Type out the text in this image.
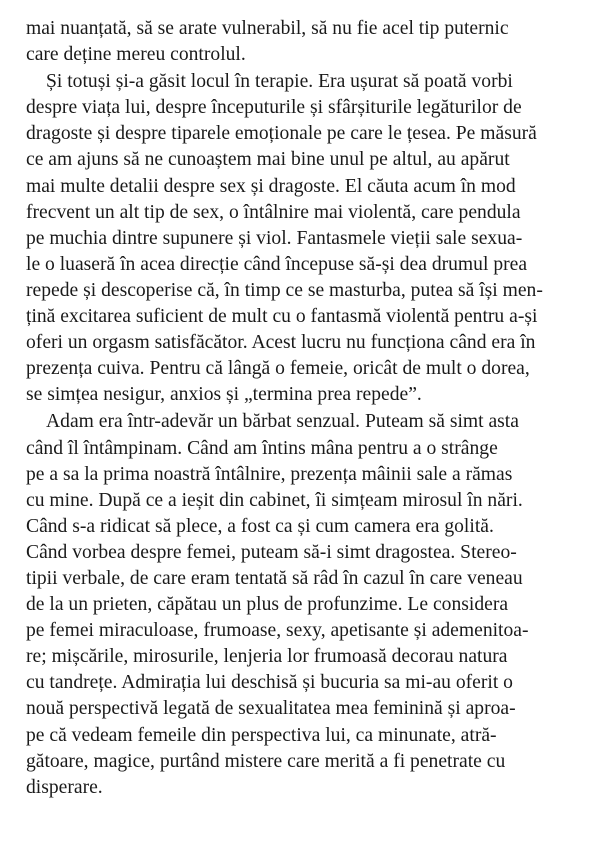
mai nuanțată, să se arate vulnerabil, să nu fie acel tip puternic
care deține mereu controlul.

Și totuși și-a găsit locul în terapie. Era ușurat să poată vorbi
despre viața lui, despre începuturile și sfârșiturile legăturilor de
dragoste și despre tiparele emoționale pe care le țesea. Pe măsură
ce am ajuns să ne cunoaștem mai bine unul pe altul, au apărut
mai multe detalii despre sex și dragoste. El căuta acum în mod
frecvent un alt tip de sex, o întâlnire mai violentă, care pendula
pe muchia dintre supunere și viol. Fantasmele vieții sale sexua-
le o luaseră în acea direcție când începuse să-și dea drumul prea
repede și descoperise că, în timp ce se masturba, putea să își men-
țină excitarea suficient de mult cu o fantasmă violentă pentru a-și
oferi un orgasm satisfăcător. Acest lucru nu funcționa când era în
prezența cuiva. Pentru că lângă o femeie, oricât de mult o dorea,
se simțea nesigur, anxios și „termina prea repede”.

Adam era într-adevăr un bărbat senzual. Puteam să simt asta
când îl întâmpinam. Când am întins mâna pentru a o strânge
pe a sa la prima noastră întâlnire, prezența mâinii sale a rămas
cu mine. După ce a ieșit din cabinet, îi simțeam mirosul în nări.
Când s-a ridicat să plece, a fost ca și cum camera era golită.
Când vorbea despre femei, puteam să-i simt dragostea. Stereo-
tipii verbale, de care eram tentată să râd în cazul în care veneau
de la un prieten, căpătau un plus de profunzime. Le considera
pe femei miraculoase, frumoase, sexy, apetisante și ademenitoa-
re; mișcările, mirosurile, lenjeria lor frumoasă decorau natura
cu tandrețe. Admirația lui deschisă și bucuria sa mi-au oferit o
nouă perspectivă legată de sexualitatea mea feminină și aproa-
pe că vedeam femeile din perspectiva lui, ca minunate, atră-
gătoare, magice, purtând mistere care merită a fi penetrate cu
disperare.
